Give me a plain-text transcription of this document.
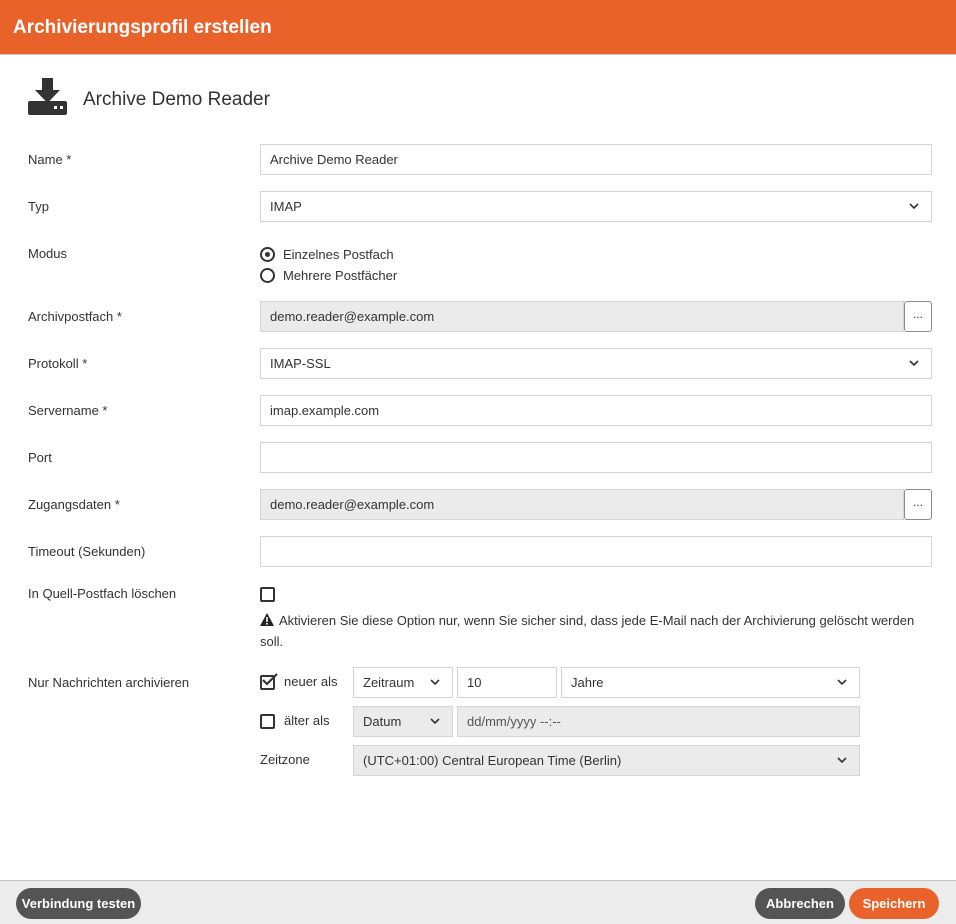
Archivierungsprofil erstellen
Archive Demo Reader
Name *	Archive Demo Reader
Typ	IMAP
Modus	Einzelnes Postfach
Mehrere Postfächer
Archivpostfach *	demo.reader@example.com	...
Protokoll *	IMAP-SSL
Servername *	imap.example.com
Port
Zugangsdaten *	demo.reader@example.com	...
Timeout (Sekunden)
In Quell-Postfach löschen
Aktivieren Sie diese Option nur, wenn Sie sicher sind, dass jede E-Mail nach der Archivierung gelöscht werden soll.
Nur Nachrichten archivieren	neuer als	Zeitraum	10	Jahre
älter als	Datum	dd/mm/yyyy --:--
Zeitzone	(UTC+01:00) Central European Time (Berlin)
Verbindung testen	Abbrechen	Speichern
